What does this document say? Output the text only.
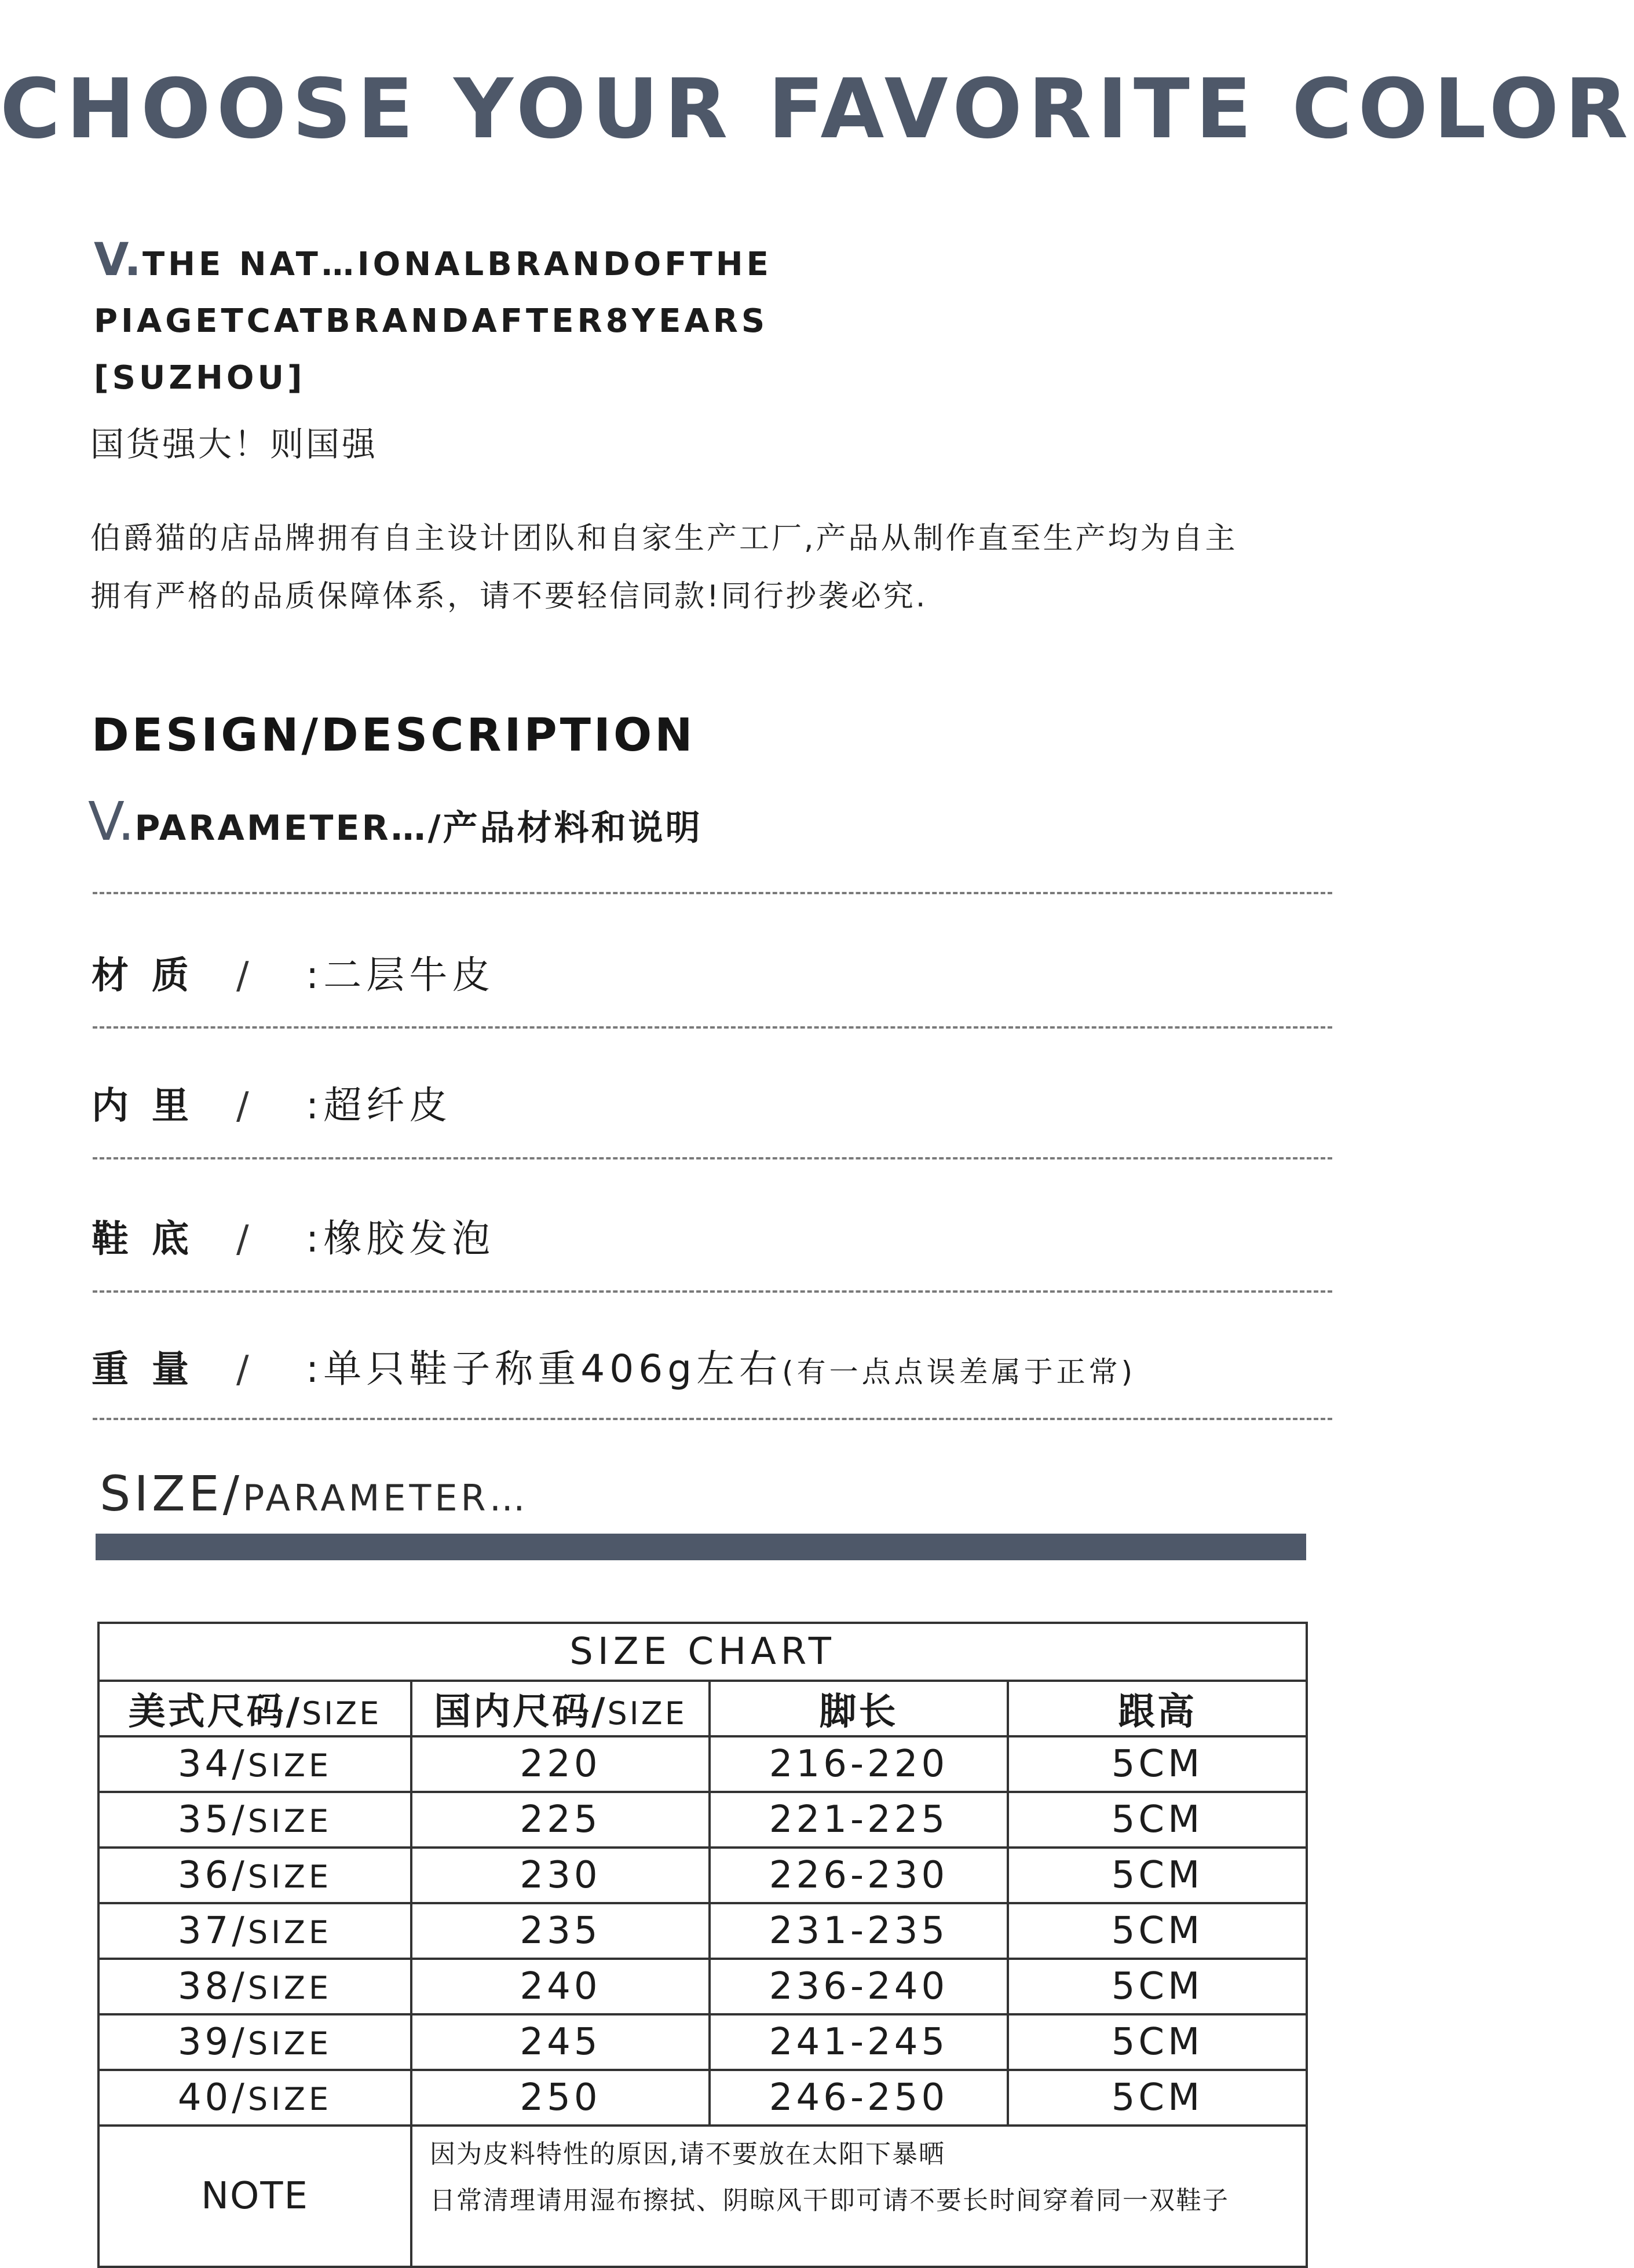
CHOOSE YOUR FAVORITE COLOR
V.THE NAT…IONALBRANDOFTHE
PIAGETCATBRANDAFTER8YEARS
[SUZHOU]
国货强大！则国强
伯爵猫的店品牌拥有自主设计团队和自家生产工厂,产品从制作直至生产均为自主
拥有严格的品质保障体系，请不要轻信同款!同行抄袭必究.
DESIGN/DESCRIPTION
V.PARAMETER…/产品材料和说明
材质 / :二层牛皮
内里 / :超纤皮
鞋底 / :橡胶发泡
重量 / :单只鞋子称重406g左右(有一点点误差属于正常)
SIZE/PARAMETER…
SIZE CHART			
美式尺码/SIZE	国内尺码/SIZE	脚长	跟高
34/SIZE	220	216-220	5CM
35/SIZE	225	221-225	5CM
36/SIZE	230	226-230	5CM
37/SIZE	235	231-235	5CM
38/SIZE	240	236-240	5CM
39/SIZE	245	241-245	5CM
40/SIZE	250	246-250	5CM
NOTE	因为皮料特性的原因,请不要放在太阳下暴晒
日常清理请用湿布擦拭、阴晾风干即可请不要长时间穿着同一双鞋子		
